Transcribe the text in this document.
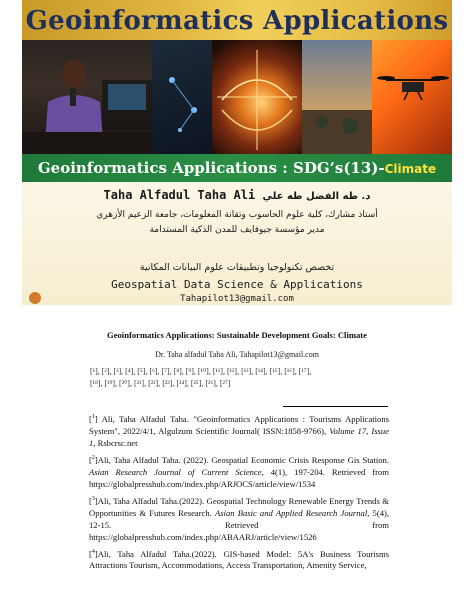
Geoinformatics Applications
Geoinformatics Applications : SDG’s(13)-Climate
Taha Alfadul Taha Ali د. طه الفضل طه علي
أستاذ مشارك، كلية علوم الحاسوب وتقانة المعلومات، جامعة الزعيم الأزهري
مدير مؤسسة جيوفايف للمدن الذكية المستدامة
تخصص تكنولوجيا وتطبيقات علوم البيانات المكانية
Geospatial Data Science & Applications
Tahapilot13@gmail.com
Geoinformatics Applications: Sustainable Development Goals: Climate
Dr. Taha alfadul Taha Ali, Tahapilot13@gmail.com
[¹], [²], [³], [⁴], [⁵], [⁶], [⁷], [⁸], [⁹], [¹⁰], [¹¹], [¹²], [¹³], [¹⁴], [¹⁵], [¹⁶], [¹⁷],
[¹⁸], [¹⁹], [²⁰], [²¹], [²²], [²³], [²⁴], [²⁵], [²⁶], [²⁷]

[$^1$] Ali, Taha Alfadul Taha. "Geoinformatics Applications : Tourisms Applications System", 2022/4/1, Algulzum Scientific Journal( ISSN:1858-9766), Volume 17, Issue 1, Rsbcrsc.net

[$^2$]Ali, Taha Alfadul Taha. (2022). Geospatial Economic Crisis Response Gis Station. Asian Research Journal of Current Science, 4(1), 197-204. Retrieved from https://globalpresshub.com/index.php/ARJOCS/article/view/1534

[$^3$]Ali, Taha Alfadul Taha.(2022). Geospatial Technology Renewable Energy Trends & Opportunities & Futures Research. Asian Basic and Applied Research Journal, 5(4), 12-15. Retrieved from https://globalpresshub.com/index.php/ABAARJ/article/view/1526

[$^4$]Ali, Taha Alfadul Taha.(2022). GIS-based Model: 5A's Business Tourisms Attractions Tourism, Accommodations, Access Transportation, Amenity Service,
